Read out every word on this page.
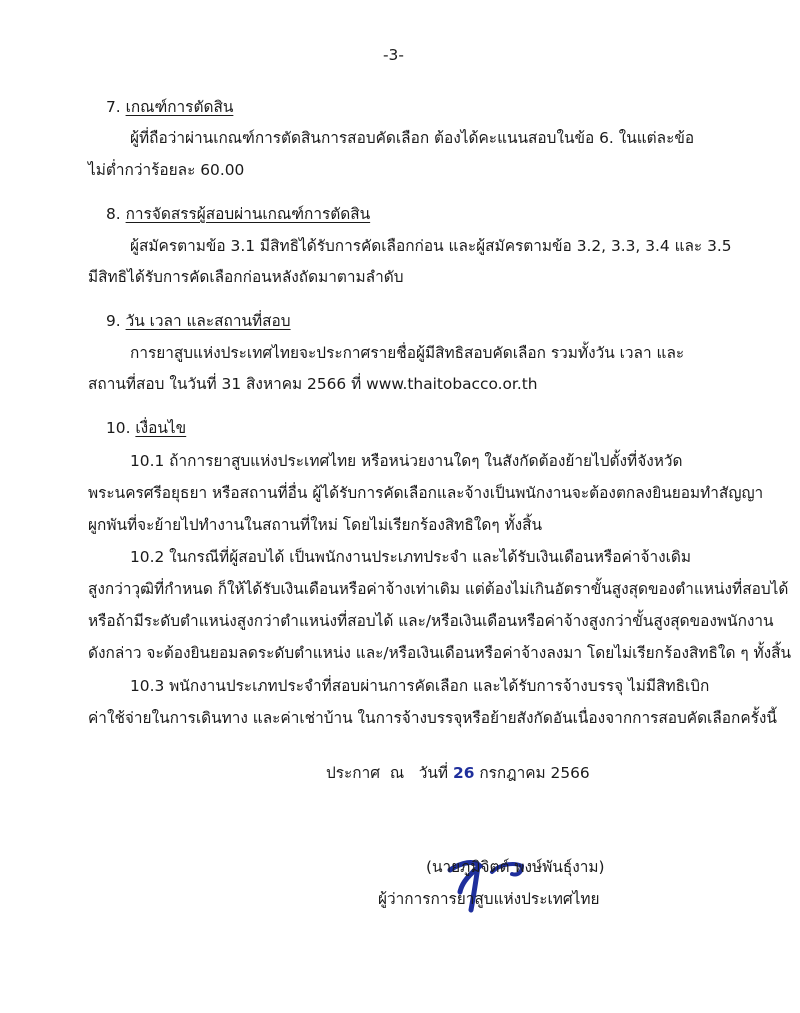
-3-
7. เกณฑ์การตัดสิน
ผู้ที่ถือว่าผ่านเกณฑ์การตัดสินการสอบคัดเลือก ต้องได้คะแนนสอบในข้อ 6. ในแต่ละข้อ
ไม่ต่ำกว่าร้อยละ 60.00
8. การจัดสรรผู้สอบผ่านเกณฑ์การตัดสิน
ผู้สมัครตามข้อ 3.1 มีสิทธิได้รับการคัดเลือกก่อน และผู้สมัครตามข้อ 3.2, 3.3, 3.4 และ 3.5
มีสิทธิได้รับการคัดเลือกก่อนหลังถัดมาตามลำดับ
9. วัน เวลา และสถานที่สอบ
การยาสูบแห่งประเทศไทยจะประกาศรายชื่อผู้มีสิทธิสอบคัดเลือก รวมทั้งวัน เวลา และ
สถานที่สอบ ในวันที่ 31 สิงหาคม 2566 ที่ www.thaitobacco.or.th
10. เงื่อนไข
10.1 ถ้าการยาสูบแห่งประเทศไทย หรือหน่วยงานใดๆ ในสังกัดต้องย้ายไปตั้งที่จังหวัด
พระนครศรีอยุธยา หรือสถานที่อื่น ผู้ได้รับการคัดเลือกและจ้างเป็นพนักงานจะต้องตกลงยินยอมทำสัญญา
ผูกพันที่จะย้ายไปทำงานในสถานที่ใหม่ โดยไม่เรียกร้องสิทธิใดๆ ทั้งสิ้น
10.2 ในกรณีที่ผู้สอบได้ เป็นพนักงานประเภทประจำ และได้รับเงินเดือนหรือค่าจ้างเดิม
สูงกว่าวุฒิที่กำหนด ก็ให้ได้รับเงินเดือนหรือค่าจ้างเท่าเดิม แต่ต้องไม่เกินอัตราขั้นสูงสุดของตำแหน่งที่สอบได้
หรือถ้ามีระดับตำแหน่งสูงกว่าตำแหน่งที่สอบได้ และ/หรือเงินเดือนหรือค่าจ้างสูงกว่าขั้นสูงสุดของพนักงาน
ดังกล่าว จะต้องยินยอมลดระดับตำแหน่ง และ/หรือเงินเดือนหรือค่าจ้างลงมา โดยไม่เรียกร้องสิทธิใด ๆ ทั้งสิ้น
10.3 พนักงานประเภทประจำที่สอบผ่านการคัดเลือก และได้รับการจ้างบรรจุ ไม่มีสิทธิเบิก
ค่าใช้จ่ายในการเดินทาง และค่าเช่าบ้าน ในการจ้างบรรจุหรือย้ายสังกัดอันเนื่องจากการสอบคัดเลือกครั้งนี้
ประกาศ  ณ   วันที่ 26 กรกฎาคม 2566
(นายภูมิจิตต์ พงษ์พันธุ์งาม)
ผู้ว่าการการยาสูบแห่งประเทศไทย
